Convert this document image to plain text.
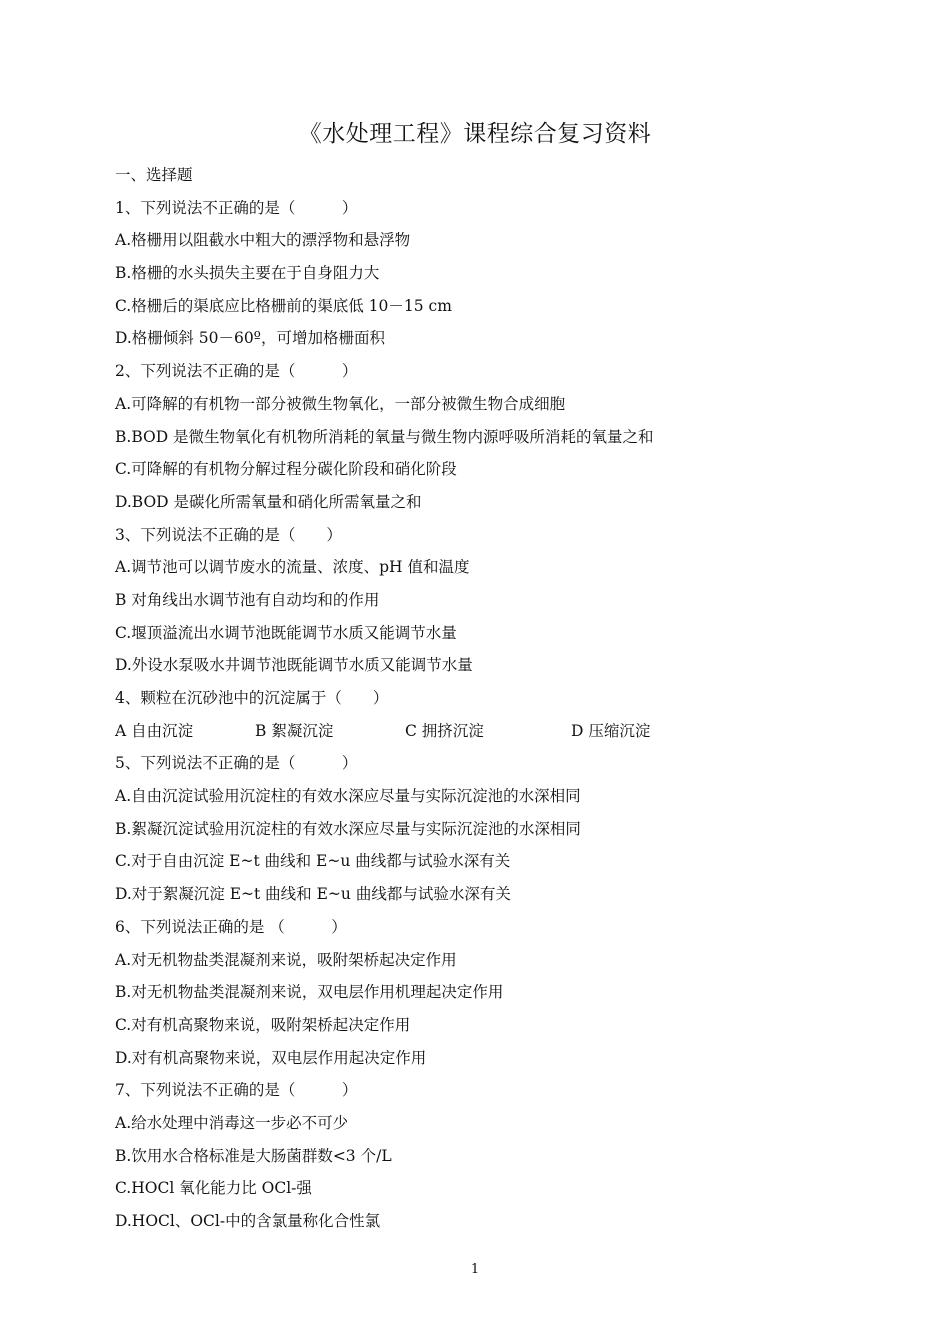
《水处理工程》课程综合复习资料
一、选择题
1、下列说法不正确的是（　　　）
A.格栅用以阻截水中粗大的漂浮物和悬浮物
B.格栅的水头损失主要在于自身阻力大
C.格栅后的渠底应比格栅前的渠底低 10－15 cm
D.格栅倾斜 50－60º，可增加格栅面积
2、下列说法不正确的是（　　　）
A.可降解的有机物一部分被微生物氧化，一部分被微生物合成细胞
B.BOD 是微生物氧化有机物所消耗的氧量与微生物内源呼吸所消耗的氧量之和
C.可降解的有机物分解过程分碳化阶段和硝化阶段
D.BOD 是碳化所需氧量和硝化所需氧量之和
3、下列说法不正确的是（　　）
A.调节池可以调节废水的流量、浓度、pH 值和温度
B 对角线出水调节池有自动均和的作用
C.堰顶溢流出水调节池既能调节水质又能调节水量
D.外设水泵吸水井调节池既能调节水质又能调节水量
4、颗粒在沉砂池中的沉淀属于（　　）
A 自由沉淀	B 絮凝沉淀	C 拥挤沉淀	D 压缩沉淀
5、下列说法不正确的是（　　　）
A.自由沉淀试验用沉淀柱的有效水深应尽量与实际沉淀池的水深相同
B.絮凝沉淀试验用沉淀柱的有效水深应尽量与实际沉淀池的水深相同
C.对于自由沉淀 E~t 曲线和 E~u 曲线都与试验水深有关
D.对于絮凝沉淀 E~t 曲线和 E~u 曲线都与试验水深有关
6、下列说法正确的是 （　　　）
A.对无机物盐类混凝剂来说，吸附架桥起决定作用
B.对无机物盐类混凝剂来说，双电层作用机理起决定作用
C.对有机高聚物来说，吸附架桥起决定作用
D.对有机高聚物来说，双电层作用起决定作用
7、下列说法不正确的是（　　　）
A.给水处理中消毒这一步必不可少
B.饮用水合格标准是大肠菌群数<3 个/L
C.HOCl 氧化能力比 OCl-强
D.HOCl、OCl-中的含氯量称化合性氯
1
